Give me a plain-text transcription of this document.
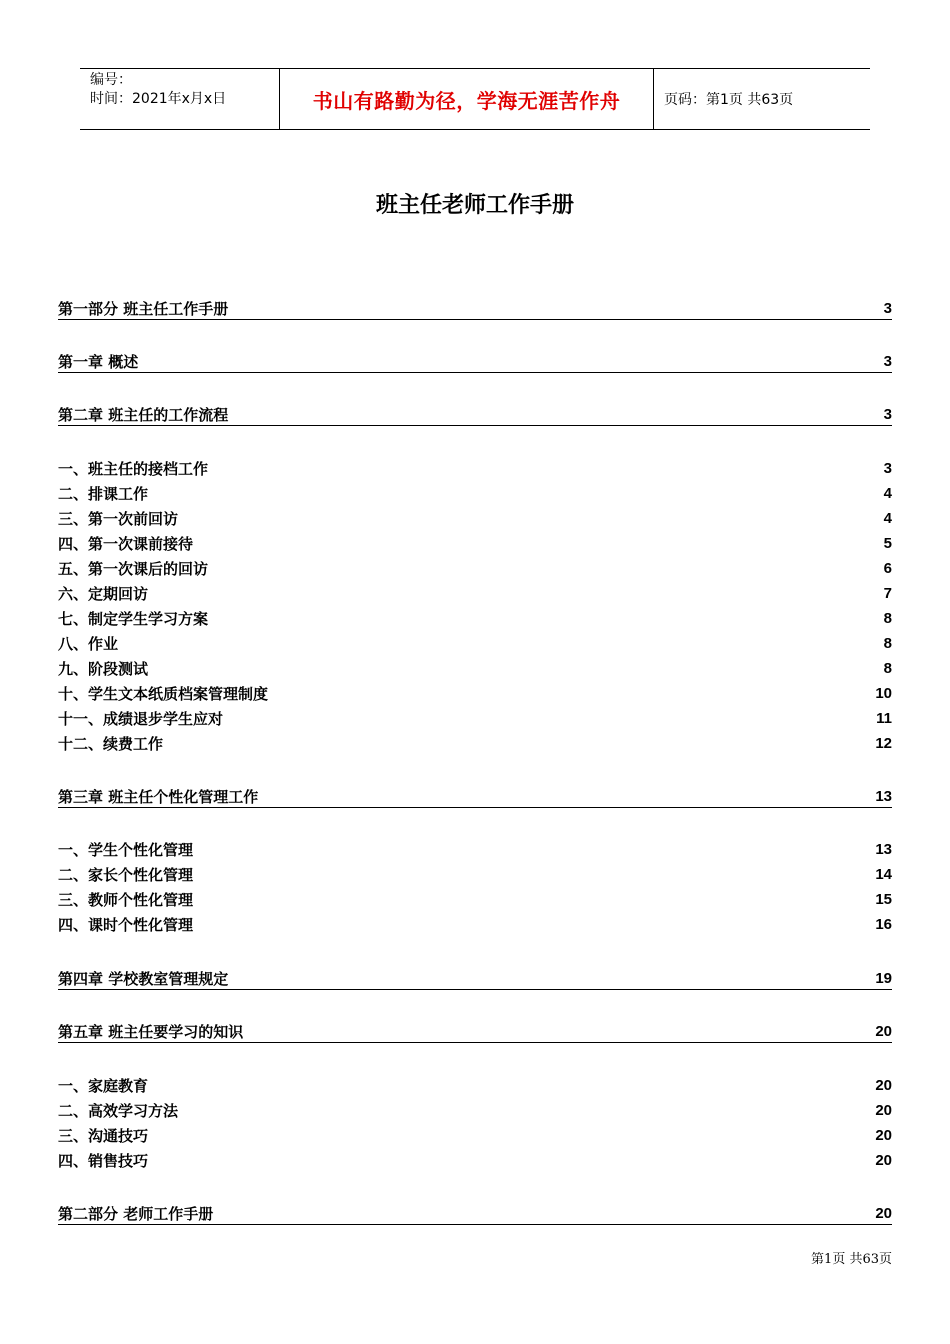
编号：
时间：2021年x月x日	书山有路勤为径，学海无涯苦作舟	页码：第1页 共63页
班主任老师工作手册
第一部分 班主任工作手册	3
第一章 概述	3
第二章 班主任的工作流程	3
一、班主任的接档工作	3
二、排课工作	4
三、第一次前回访	4
四、第一次课前接待	5
五、第一次课后的回访	6
六、定期回访	7
七、制定学生学习方案	8
八、作业	8
九、阶段测试	8
十、学生文本纸质档案管理制度	10
十一、成绩退步学生应对	11
十二、续费工作	12
第三章 班主任个性化管理工作	13
一、学生个性化管理	13
二、家长个性化管理	14
三、教师个性化管理	15
四、课时个性化管理	16
第四章 学校教室管理规定	19
第五章 班主任要学习的知识	20
一、家庭教育	20
二、高效学习方法	20
三、沟通技巧	20
四、销售技巧	20
第二部分 老师工作手册	20
第1页 共63页
